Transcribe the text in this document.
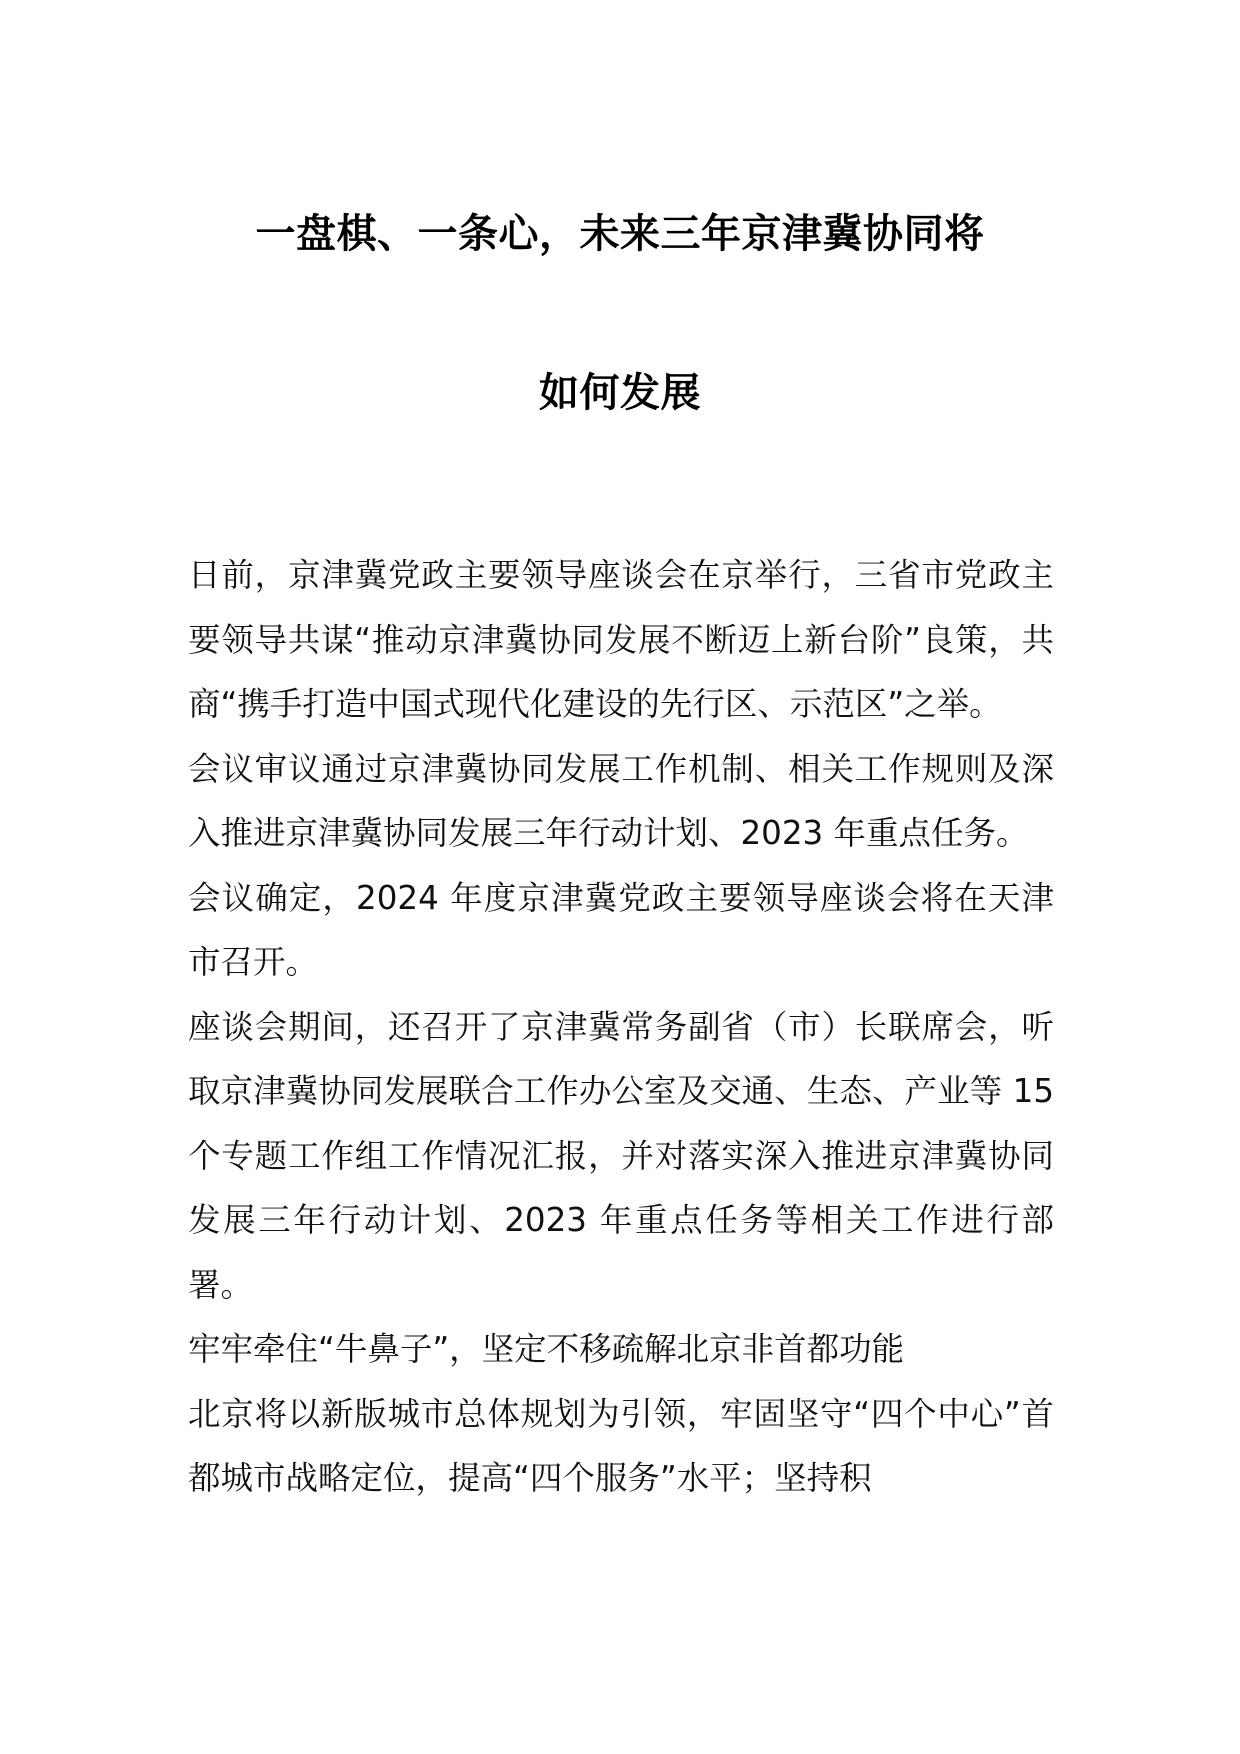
一盘棋、一条心，未来三年京津冀协同将
如何发展

日前，京津冀党政主要领导座谈会在京举行，三省市党政主要领导共谋“推动京津冀协同发展不断迈上新台阶”良策，共商“携手打造中国式现代化建设的先行区、示范区”之举。

会议审议通过京津冀协同发展工作机制、相关工作规则及深入推进京津冀协同发展三年行动计划、2023 年重点任务。

会议确定，2024 年度京津冀党政主要领导座谈会将在天津市召开。

座谈会期间，还召开了京津冀常务副省（市）长联席会，听取京津冀协同发展联合工作办公室及交通、生态、产业等 15 个专题工作组工作情况汇报，并对落实深入推进京津冀协同发展三年行动计划、2023 年重点任务等相关工作进行部署。

牢牢牵住“牛鼻子”，坚定不移疏解北京非首都功能

北京将以新版城市总体规划为引领，牢固坚守“四个中心”首都城市战略定位，提高“四个服务”水平；坚持积
